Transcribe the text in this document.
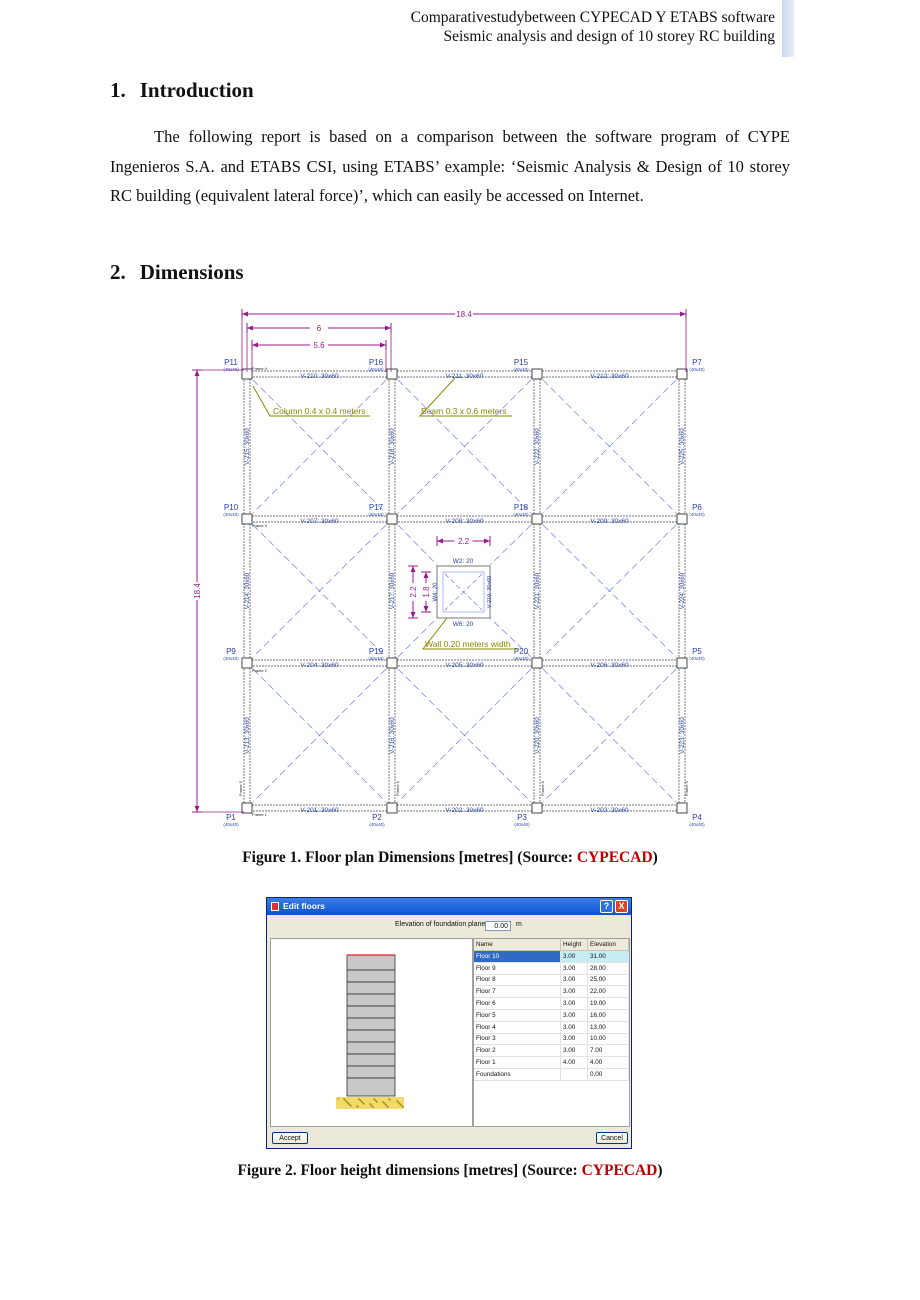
Comparativestudybetween CYPECAD Y ETABS software
Seismic analysis and design of 10 storey RC building
1. Introduction

The following report is based on a comparison between the software program of CYPE Ingenieros S.A. and ETABS CSI, using ETABS’ example: ‘Seismic Analysis & Design of 10 storey RC building (equivalent lateral force)’, which can easily be accessed on Internet.

2. Dimensions
V-210: 30x60	V-211: 30x60	V-212: 30x60
V-207: 30x60	V-208: 30x60	V-209: 30x60
V-204: 30x60	V-205: 30x60	V-206: 30x60
V-201: 30x60	V-202: 30x60	V-203: 30x60
V-215: 30x60
V-214: 30x60
V-213: 30x60
V-218: 30x60
V-217: 30x60
V-216: 30x60
V-222: 30x60
V-221: 30x60
V-220: 30x60
V-225: 30x60
V-224: 30x60
V-223: 30x60
P11
(40x40)
P16
(40x40)
P15
(40x40)
P7
(40x40)
P10
(40x40)
P17
(40x40)
P18
(40x40)
P6
(40x40)
P9
(40x40)
P19
(40x40)
P20
(40x40)
P5
(40x40)
P1
(40x40)
P2
(40x40)
P3
(40x40)
P4
(40x40)
W2: 20
W6: 20
W4: 20	V-219: 30x60
Frame 4
Frame 3
Frame 2
Frame 1
Frame 5	Frame 6	Frame 8	Frame 9
18.4
6
5.6
18.4
2.2
2.2 1.8
Column 0.4 x 0.4 meters	Beam 0.3 x 0.6 meters
Wall 0.20 meters width
Figure 1. Floor plan Dimensions [metres] (Source: CYPECAD)
Edit floors	?	X
Elevation of foundation plane	0.00	m
Name	Height	Elevation
Floor 10	3.00	31.00
Floor 9	3.00	28.00
Floor 8	3.00	25.00
Floor 7	3.00	22.00
Floor 6	3.00	19.00
Floor 5	3.00	16.00
Floor 4	3.00	13.00
Floor 3	3.00	10.00
Floor 2	3.00	7.00
Floor 1	4.00	4.00
Foundations		0.00

Accept	Cancel
Figure 2. Floor height dimensions [metres] (Source: CYPECAD)
